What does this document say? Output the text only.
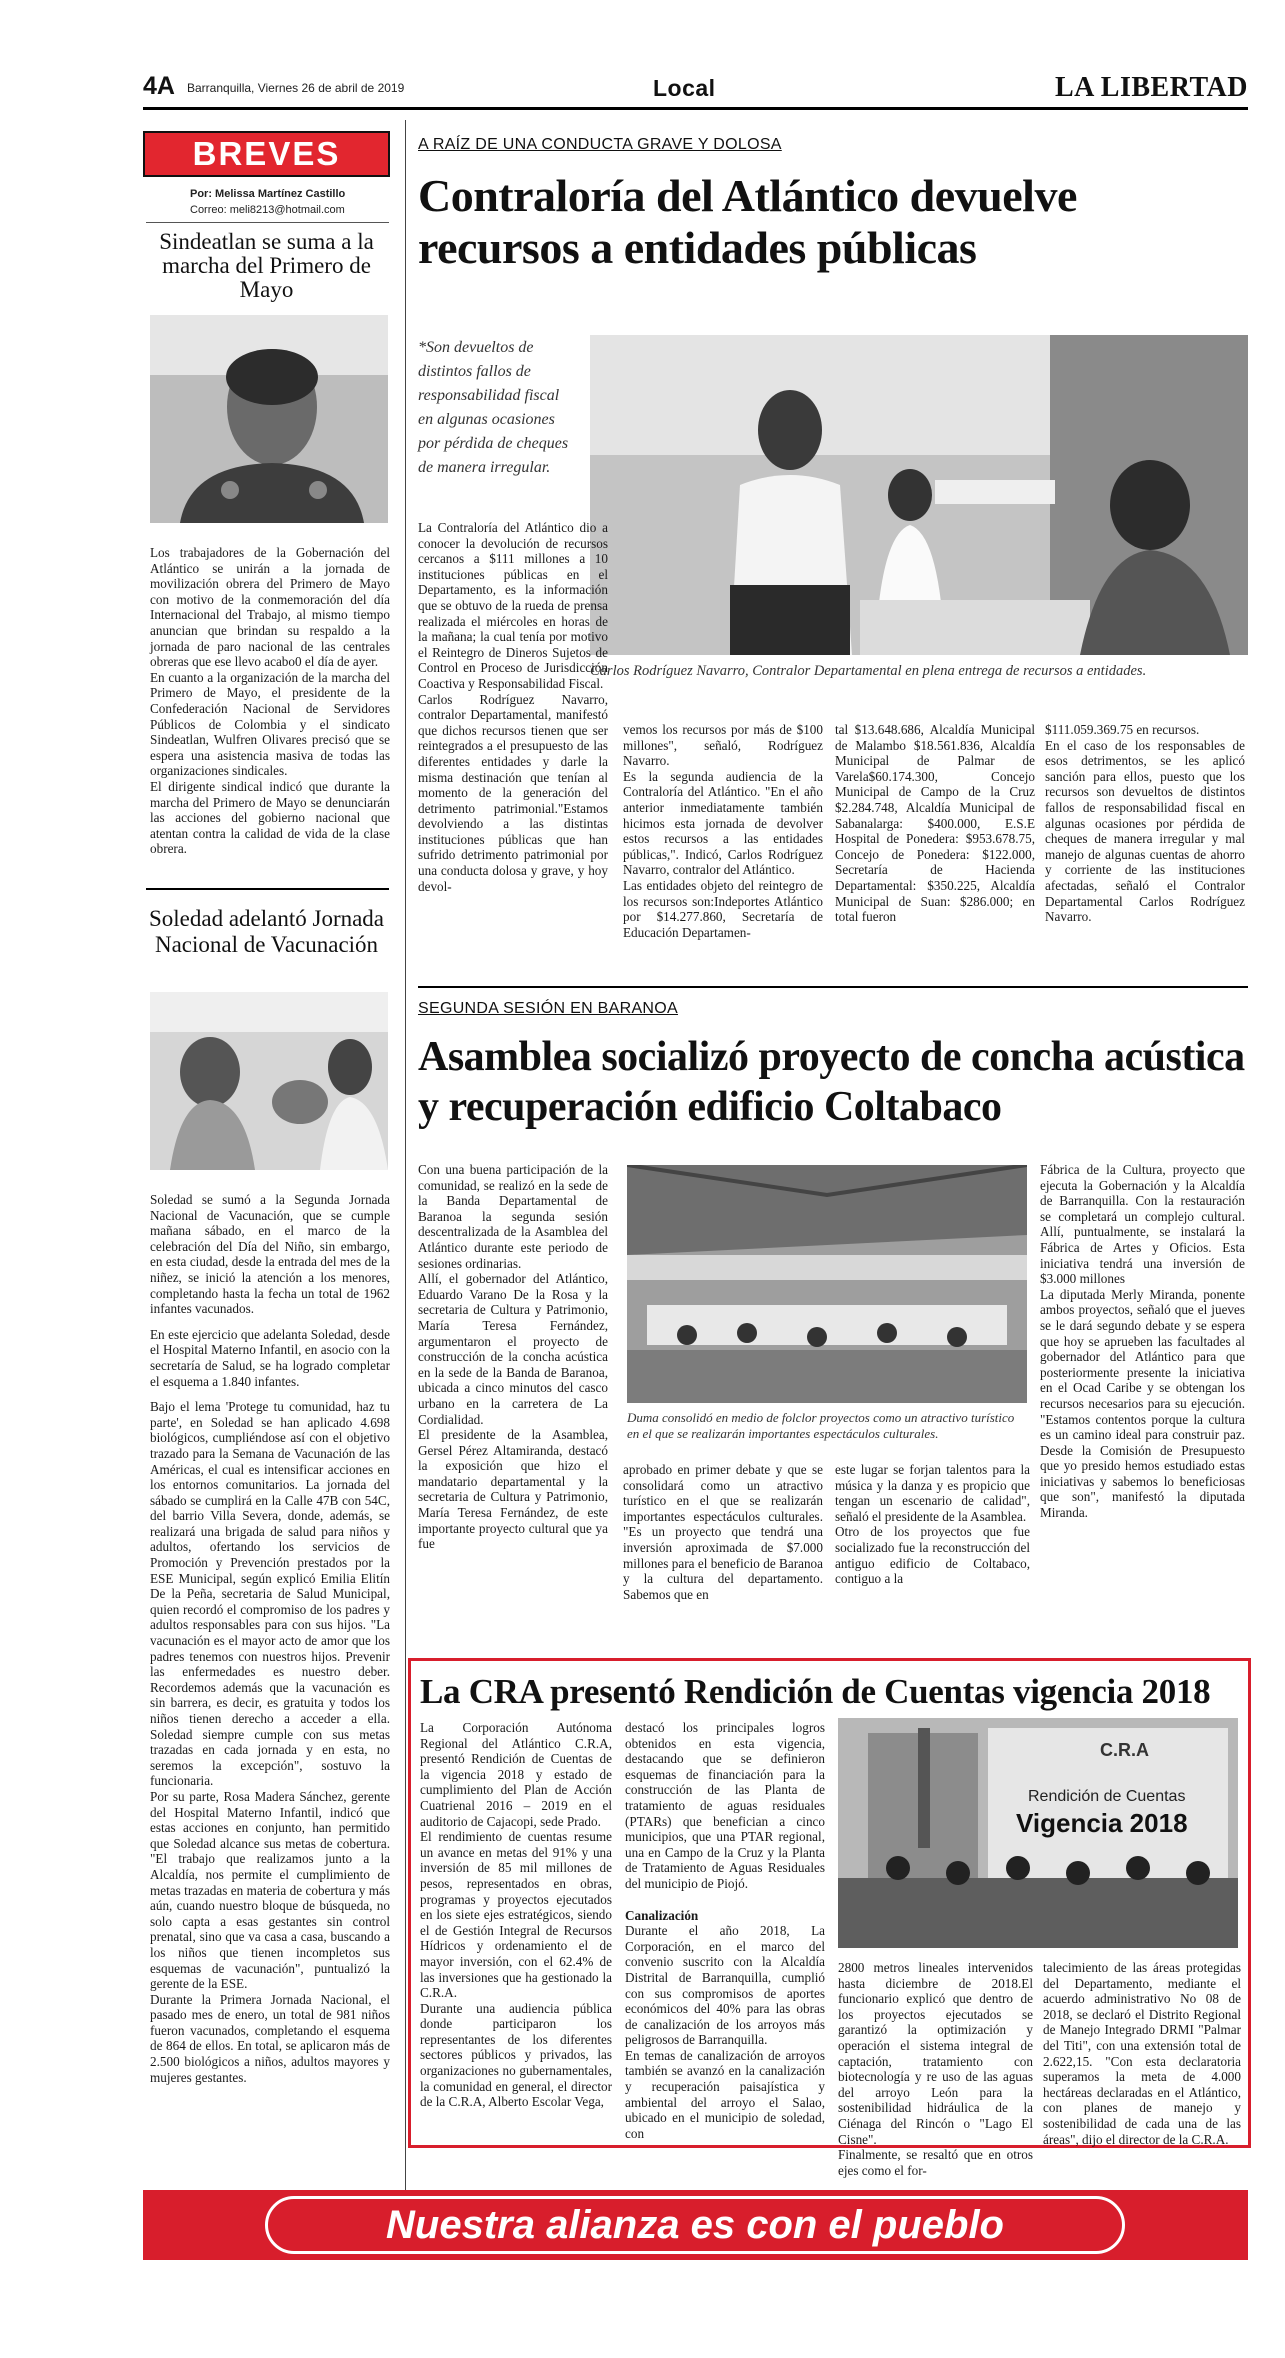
4A Barranquilla, Viernes 26 de abril de 2019	Local	LA LIBERTAD
BREVES
Por: Melissa Martínez Castillo
Correo: meli8213@hotmail.com
Sindeatlan se suma a la marcha del Primero de Mayo

Los trabajadores de la Gobernación del Atlántico se unirán a la jornada de movilización obrera del Primero de Mayo con motivo de la conmemoración del día Internacional del Trabajo, al mismo tiempo anuncian que brindan su respaldo a la jornada de paro nacional de las centrales obreras que ese llevo acabo0 el día de ayer.

En cuanto a la organización de la marcha del Primero de Mayo, el presidente de la Confederación Nacional de Servidores Públicos de Colombia y el sindicato Sindeatlan, Wulfren Olivares precisó que se espera una asistencia masiva de todas las organizaciones sindicales.

El dirigente sindical indicó que durante la marcha del Primero de Mayo se denunciarán las acciones del gobierno nacional que atentan contra la calidad de vida de la clase obrera.

Soledad adelantó Jornada Nacional de Vacunación

Soledad se sumó a la Segunda Jornada Nacional de Vacunación, que se cumple mañana sábado, en el marco de la celebración del Día del Niño, sin embargo, en esta ciudad, desde la entrada del mes de la niñez, se inició la atención a los menores, completando hasta la fecha un total de 1962 infantes vacunados.

En este ejercicio que adelanta Soledad, desde el Hospital Materno Infantil, en asocio con la secretaría de Salud, se ha logrado completar el esquema a 1.840 infantes.

Bajo el lema 'Protege tu comunidad, haz tu parte', en Soledad se han aplicado 4.698 biológicos, cumpliéndose así con el objetivo trazado para la Semana de Vacunación de las Américas, el cual es intensificar acciones en los entornos comunitarios. La jornada del sábado se cumplirá en la Calle 47B con 54C, del barrio Villa Severa, donde, además, se realizará una brigada de salud para niños y adultos, ofertando los servicios de Promoción y Prevención prestados por la ESE Municipal, según explicó Emilia Elitín De la Peña, secretaria de Salud Municipal, quien recordó el compromiso de los padres y adultos responsables para con sus hijos. "La vacunación es el mayor acto de amor que los padres tenemos con nuestros hijos. Prevenir las enfermedades es nuestro deber. Recordemos además que la vacunación es sin barrera, es decir, es gratuita y todos los niños tienen derecho a acceder a ella. Soledad siempre cumple con sus metas trazadas en cada jornada y en esta, no seremos la excepción", sostuvo la funcionaria.

Por su parte, Rosa Madera Sánchez, gerente del Hospital Materno Infantil, indicó que estas acciones en conjunto, han permitido que Soledad alcance sus metas de cobertura. "El trabajo que realizamos junto a la Alcaldía, nos permite el cumplimiento de metas trazadas en materia de cobertura y más aún, cuando nuestro bloque de búsqueda, no solo capta a esas gestantes sin control prenatal, sino que va casa a casa, buscando a los niños que tienen incompletos sus esquemas de vacunación", puntualizó la gerente de la ESE.

Durante la Primera Jornada Nacional, el pasado mes de enero, un total de 981 niños fueron vacunados, completando el esquema de 864 de ellos. En total, se aplicaron más de 2.500 biológicos a niños, adultos mayores y mujeres gestantes.

A RAÍZ DE UNA CONDUCTA GRAVE Y DOLOSA
Contraloría del Atlántico devuelve recursos a entidades públicas
*Son devueltos de distintos fallos de responsabilidad fiscal en algunas ocasiones por pérdida de cheques de manera irregular.
Carlos Rodríguez Navarro, Contralor Departamental en plena entrega de recursos a entidades.
La Contraloría del Atlántico dio a conocer la devolución de recursos cercanos a $111 millones a 10 instituciones públicas en el Departamento, es la información que se obtuvo de la rueda de prensa realizada el miércoles en horas de la mañana; la cual tenía por motivo el Reintegro de Dineros Sujetos de Control en Proceso de Jurisdicción Coactiva y Responsabilidad Fiscal.
Carlos Rodríguez Navarro, contralor Departamental, manifestó que dichos recursos tienen que ser reintegrados a el presupuesto de las diferentes entidades y darle la misma destinación que tenían al momento de la generación del detrimento patrimonial."Estamos devolviendo a las distintas instituciones públicas que han sufrido detrimento patrimonial por una conducta dolosa y grave, y hoy devol-
vemos los recursos por más de $100 millones", señaló, Rodríguez Navarro.
Es la segunda audiencia de la Contraloría del Atlántico. "En el año anterior inmediatamente también hicimos esta jornada de devolver estos recursos a las entidades públicas,". Indicó, Carlos Rodríguez Navarro, contralor del Atlántico.
Las entidades objeto del reintegro de los recursos son:Indeportes Atlántico por $14.277.860, Secretaría de Educación Departamen-
tal $13.648.686, Alcaldía Municipal de Malambo $18.561.836, Alcaldía Municipal de Palmar de Varela$60.174.300, Concejo Municipal de Campo de la Cruz $2.284.748, Alcaldía Municipal de Sabanalarga: $400.000, E.S.E Hospital de Ponedera: $953.678.75, Concejo de Ponedera: $122.000, Secretaría de Hacienda Departamental: $350.225, Alcaldía Municipal de Suan: $286.000; en total fueron
$111.059.369.75 en recursos.
En el caso de los responsables de esos detrimentos, se les aplicó sanción para ellos, puesto que los recursos son devueltos de distintos fallos de responsabilidad fiscal en algunas ocasiones por pérdida de cheques de manera irregular y mal manejo de algunas cuentas de ahorro y corriente de las instituciones afectadas, señaló el Contralor Departamental Carlos Rodríguez Navarro.
SEGUNDA SESIÓN EN BARANOA
Asamblea socializó proyecto de concha acústica y recuperación edificio Coltabaco
Con una buena participación de la comunidad, se realizó en la sede de la Banda Departamental de Baranoa la segunda sesión descentralizada de la Asamblea del Atlántico durante este periodo de sesiones ordinarias.
Allí, el gobernador del Atlántico, Eduardo Varano De la Rosa y la secretaria de Cultura y Patrimonio, María Teresa Fernández, argumentaron el proyecto de construcción de la concha acústica en la sede de la Banda de Baranoa, ubicada a cinco minutos del casco urbano en la carretera de La Cordialidad.
El presidente de la Asamblea, Gersel Pérez Altamiranda, destacó la exposición que hizo el mandatario departamental y la secretaria de Cultura y Patrimonio, María Teresa Fernández, de este importante proyecto cultural que ya fue
Duma consolidó en medio de folclor proyectos como un atractivo turístico en el que se realizarán importantes espectáculos culturales.
aprobado en primer debate y que se consolidará como un atractivo turístico en el que se realizarán importantes espectáculos culturales. "Es un proyecto que tendrá una inversión aproximada de $7.000 millones para el beneficio de Baranoa y la cultura del departamento. Sabemos que en
este lugar se forjan talentos para la música y la danza y es propicio que tengan un escenario de calidad", señaló el presidente de la Asamblea.
Otro de los proyectos que fue socializado fue la reconstrucción del antiguo edificio de Coltabaco, contiguo a la
Fábrica de la Cultura, proyecto que ejecuta la Gobernación y la Alcaldía de Barranquilla. Con la restauración se completará un complejo cultural. Allí, puntualmente, se instalará la Fábrica de Artes y Oficios. Esta iniciativa tendrá una inversión de $3.000 millones
La diputada Merly Miranda, ponente ambos proyectos, señaló que el jueves se le dará segundo debate y se espera que hoy se aprueben las facultades al gobernador del Atlántico para que posteriormente presente la iniciativa en el Ocad Caribe y se obtengan los recursos necesarios para su ejecución. "Estamos contentos porque la cultura es un camino ideal para construir paz. Desde la Comisión de Presupuesto que yo presido hemos estudiado estas iniciativas y sabemos lo beneficiosas que son", manifestó la diputada Miranda.
La CRA presentó Rendición de Cuentas vigencia 2018
La Corporación Autónoma Regional del Atlántico C.R.A, presentó Rendición de Cuentas de la vigencia 2018 y estado de cumplimiento del Plan de Acción Cuatrienal 2016 – 2019 en el auditorio de Cajacopi, sede Prado.
El rendimiento de cuentas resume un avance en metas del 91% y una inversión de 85 mil millones de pesos, representados en obras, programas y proyectos ejecutados en los siete ejes estratégicos, siendo el de Gestión Integral de Recursos Hídricos y ordenamiento el de mayor inversión, con el 62.4% de las inversiones que ha gestionado la C.R.A.
Durante una audiencia pública donde participaron los representantes de los diferentes sectores públicos y privados, las organizaciones no gubernamentales, la comunidad en general, el director de la C.R.A, Alberto Escolar Vega,

destacó los principales logros obtenidos en esta vigencia, destacando que se definieron esquemas de financiación para la construcción de las Planta de tratamiento de aguas residuales (PTARs) que benefician a cinco municipios, que una PTAR regional, una en Campo de la Cruz y la Planta de Tratamiento de Aguas Residuales del municipio de Piojó.

Canalización

Durante el año 2018, La Corporación, en el marco del convenio suscrito con la Alcaldía Distrital de Barranquilla, cumplió con sus compromisos de aportes económicos del 40% para las obras de canalización de los arroyos más peligrosos de Barranquilla.
En temas de canalización de arroyos también se avanzó en la canalización y recuperación paisajística y ambiental del arroyo el Salao, ubicado en el municipio de soledad, con

C.R.A
Rendición de Cuentas
Vigencia 2018
2800 metros lineales intervenidos hasta diciembre de 2018.El funcionario explicó que dentro de los proyectos ejecutados se garantizó la optimización y operación el sistema integral de captación, tratamiento con biotecnología y re uso de las aguas del arroyo León para la sostenibilidad hidráulica de la Ciénaga del Rincón o "Lago El Cisne".
Finalmente, se resaltó que en otros ejes como el for-
talecimiento de las áreas protegidas del Departamento, mediante el acuerdo administrativo No 08 de 2018, se declaró el Distrito Regional de Manejo Integrado DRMI "Palmar del Titi", con una extensión total de 2.622,15. "Con esta declaratoria superamos la meta de 4.000 hectáreas declaradas en el Atlántico, con planes de manejo y sostenibilidad de cada una de las áreas", dijo el director de la C.R.A.
Nuestra alianza es con el pueblo
